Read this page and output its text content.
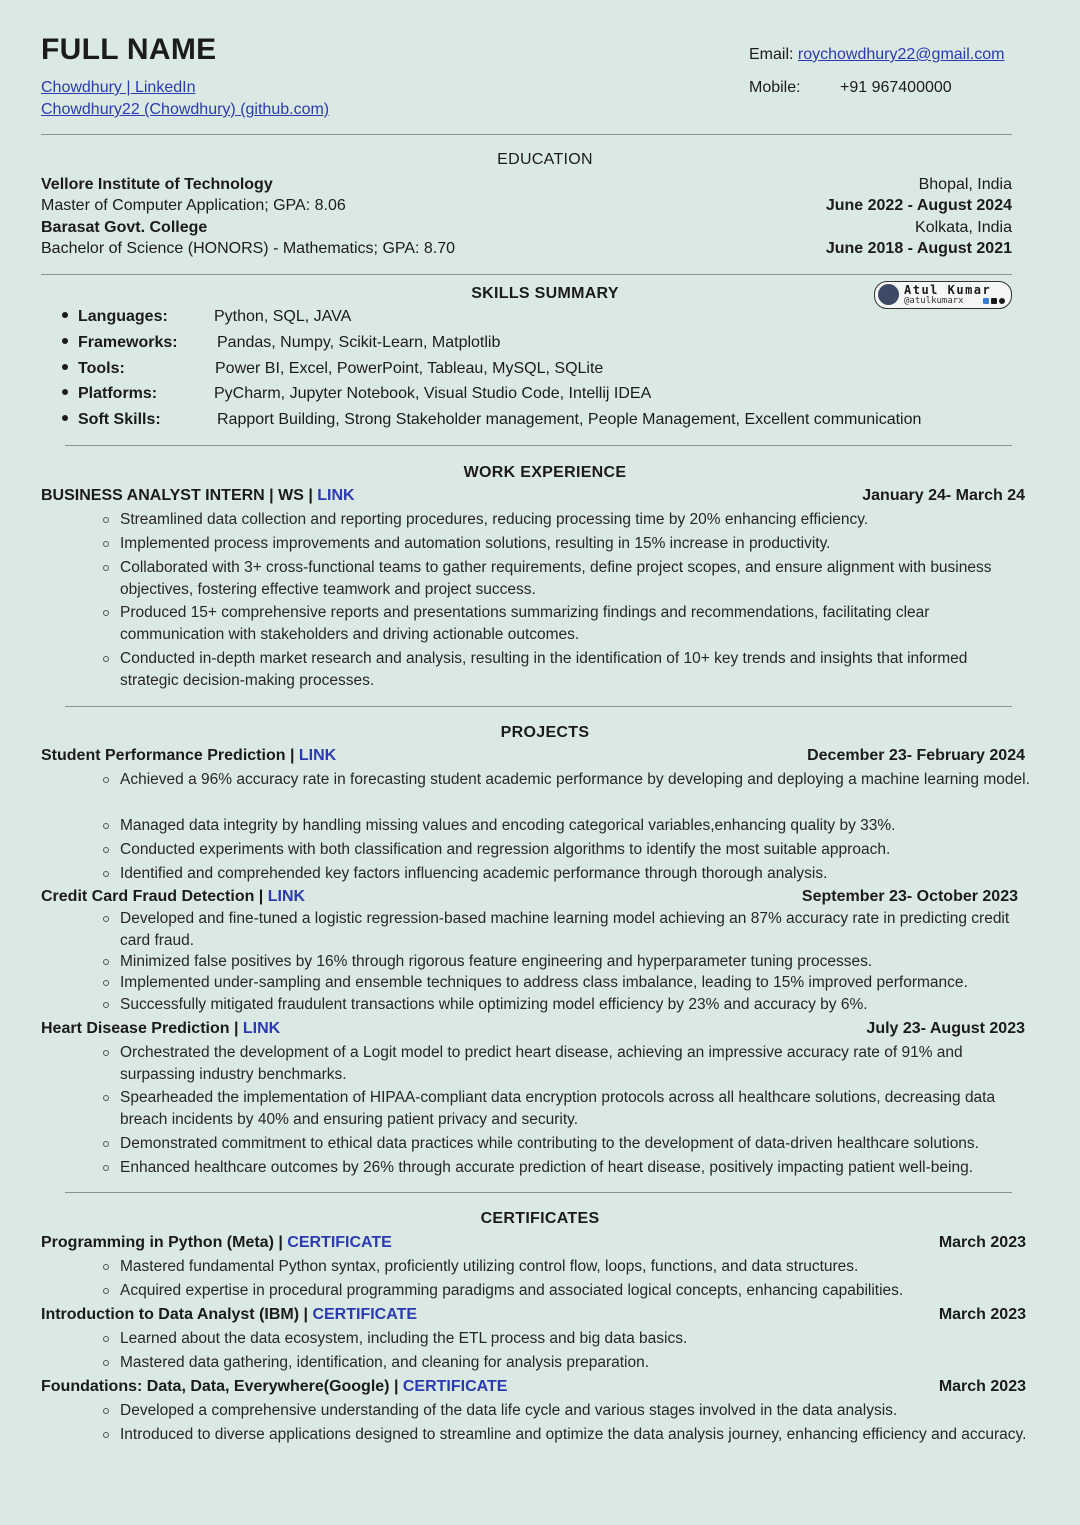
FULL NAME
Chowdhury | LinkedIn
Chowdhury22 (Chowdhury) (github.com)
Email: roychowdhury22@gmail.com
Mobile: +91 967400000
EDUCATION
Vellore Institute of Technology	Bhopal, India
Master of Computer Application; GPA: 8.06	June 2022 - August 2024
Barasat Govt. College	Kolkata, India
Bachelor of Science (HONORS) - Mathematics; GPA: 8.70	June 2018 - August 2021
SKILLS SUMMARY	Atul Kumar
@atulkumarx
Languages:	Python, SQL, JAVA
Frameworks: Pandas, Numpy, Scikit-Learn, Matplotlib
Tools:	Power BI, Excel, PowerPoint, Tableau, MySQL, SQLite
Platforms:	PyCharm, Jupyter Notebook, Visual Studio Code, Intellij IDEA
Soft Skills:	Rapport Building, Strong Stakeholder management, People Management, Excellent communication
WORK EXPERIENCE
BUSINESS ANALYST INTERN | WS | LINK	January 24- March 24
Streamlined data collection and reporting procedures, reducing processing time by 20% enhancing efficiency.
Implemented process improvements and automation solutions, resulting in 15% increase in productivity.
Collaborated with 3+ cross-functional teams to gather requirements, define project scopes, and ensure alignment with business objectives, fostering effective teamwork and project success.
Produced 15+ comprehensive reports and presentations summarizing findings and recommendations, facilitating clear communication with stakeholders and driving actionable outcomes.
Conducted in-depth market research and analysis, resulting in the identification of 10+ key trends and insights that informed strategic decision-making processes.
PROJECTS
Student Performance Prediction | LINK	December 23- February 2024
Achieved a 96% accuracy rate in forecasting student academic performance by developing and deploying a machine learning model.
Managed data integrity by handling missing values and encoding categorical variables,enhancing quality by 33%.
Conducted experiments with both classification and regression algorithms to identify the most suitable approach.
Identified and comprehended key factors influencing academic performance through thorough analysis.
Credit Card Fraud Detection | LINK	September 23- October 2023
Developed and fine-tuned a logistic regression-based machine learning model achieving an 87% accuracy rate in predicting credit card fraud.
Minimized false positives by 16% through rigorous feature engineering and hyperparameter tuning processes.
Implemented under-sampling and ensemble techniques to address class imbalance, leading to 15% improved performance.
Successfully mitigated fraudulent transactions while optimizing model efficiency by 23% and accuracy by 6%.
Heart Disease Prediction | LINK	July 23- August 2023
Orchestrated the development of a Logit model to predict heart disease, achieving an impressive accuracy rate of 91% and surpassing industry benchmarks.
Spearheaded the implementation of HIPAA-compliant data encryption protocols across all healthcare solutions, decreasing data breach incidents by 40% and ensuring patient privacy and security.
Demonstrated commitment to ethical data practices while contributing to the development of data-driven healthcare solutions.
Enhanced healthcare outcomes by 26% through accurate prediction of heart disease, positively impacting patient well-being.
CERTIFICATES
Programming in Python (Meta) | CERTIFICATE	March 2023
Mastered fundamental Python syntax, proficiently utilizing control flow, loops, functions, and data structures.
Acquired expertise in procedural programming paradigms and associated logical concepts, enhancing capabilities.
Introduction to Data Analyst (IBM) | CERTIFICATE	March 2023
Learned about the data ecosystem, including the ETL process and big data basics.
Mastered data gathering, identification, and cleaning for analysis preparation.
Foundations: Data, Data, Everywhere(Google) | CERTIFICATE	March 2023
Developed a comprehensive understanding of the data life cycle and various stages involved in the data analysis.
Introduced to diverse applications designed to streamline and optimize the data analysis journey, enhancing efficiency and accuracy.
